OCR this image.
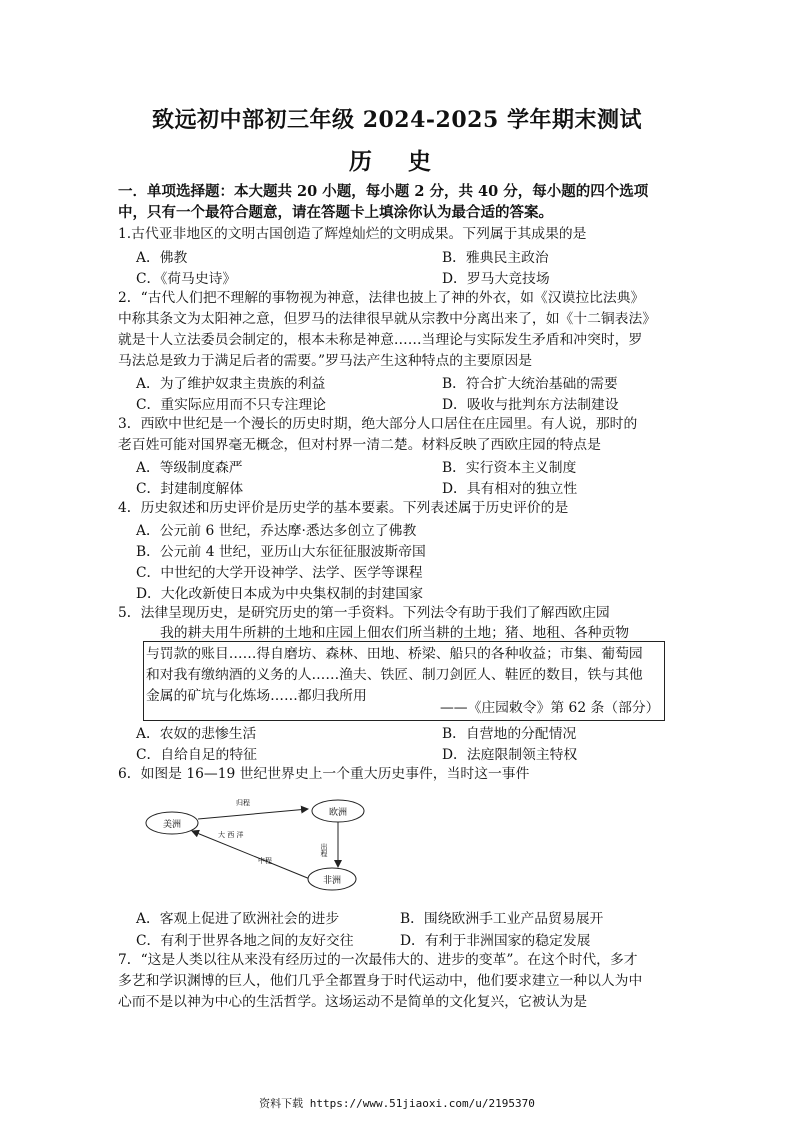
致远初中部初三年级 2024-2025 学年期末测试
历 史
一．单项选择题：本大题共 20 小题，每小题 2 分，共 40 分，每小题的四个选项
中，只有一个最符合题意，请在答题卡上填涂你认为最合适的答案。
1.古代亚非地区的文明古国创造了辉煌灿烂的文明成果。下列属于其成果的是
A．佛教	B．雅典民主政治
C．《荷马史诗》	D．罗马大竞技场
2．“古代人们把不理解的事物视为神意，法律也披上了神的外衣，如《汉谟拉比法典》
中称其条文为太阳神之意，但罗马的法律很早就从宗教中分离出来了，如《十二铜表法》
就是十人立法委员会制定的，根本未称是神意……当理论与实际发生矛盾和冲突时，罗
马法总是致力于满足后者的需要。”罗马法产生这种特点的主要原因是
A．为了维护奴隶主贵族的利益	B．符合扩大统治基础的需要
C．重实际应用而不只专注理论	D．吸收与批判东方法制建设
3．西欧中世纪是一个漫长的历史时期，绝大部分人口居住在庄园里。有人说，那时的
老百姓可能对国界毫无概念，但对村界一清二楚。材料反映了西欧庄园的特点是
A．等级制度森严	B．实行资本主义制度
C．封建制度解体	D．具有相对的独立性
4．历史叙述和历史评价是历史学的基本要素。下列表述属于历史评价的是
A．公元前 6 世纪，乔达摩·悉达多创立了佛教
B．公元前 4 世纪，亚历山大东征征服波斯帝国
C．中世纪的大学开设神学、法学、医学等课程
D．大化改新使日本成为中央集权制的封建国家
5．法律呈现历史，是研究历史的第一手资料。下列法令有助于我们了解西欧庄园
我的耕夫用牛所耕的土地和庄园上佃农们所当耕的土地；猪、地租、各种贡物
与罚款的账目……得自磨坊、森林、田地、桥梁、船只的各种收益；市集、葡萄园
和对我有缴纳酒的义务的人……渔夫、铁匠、制刀剑匠人、鞋匠的数目，铁与其他
金属的矿坑与化炼场……都归我所用
——《庄园敕令》第 62 条（部分）
A．农奴的悲惨生活	B．自营地的分配情况
C．自给自足的特征	D．法庭限制领主特权
6．如图是 16—19 世纪世界史上一个重大历史事件，当时这一事件
美洲
欧洲
非洲
归程
大 西 洋
出程
中程
A．客观上促进了欧洲社会的进步	B．围绕欧洲手工业产品贸易展开
C．有利于世界各地之间的友好交往	D．有利于非洲国家的稳定发展
7．“这是人类以往从来没有经历过的一次最伟大的、进步的变革”。在这个时代，多才
多艺和学识渊博的巨人，他们几乎全都置身于时代运动中，他们要求建立一种以人为中
心而不是以神为中心的生活哲学。这场运动不是简单的文化复兴，它被认为是
资料下载 https://www.51jiaoxi.com/u/2195370
